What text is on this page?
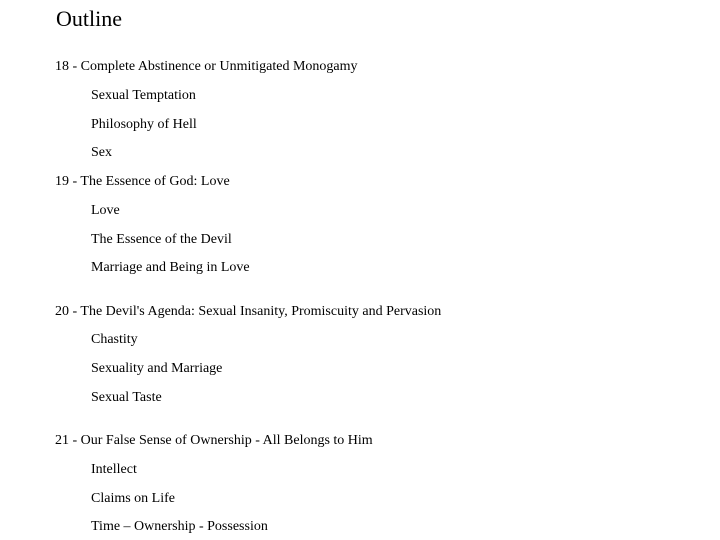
Outline
18 - Complete Abstinence or Unmitigated Monogamy
Sexual Temptation
Philosophy of Hell
Sex
19 - The Essence of God: Love
Love
The Essence of the Devil
Marriage and Being in Love
20 - The Devil's Agenda: Sexual Insanity, Promiscuity and Pervasion
Chastity
Sexuality and Marriage
Sexual Taste
21 - Our False Sense of Ownership - All Belongs to Him
Intellect
Claims on Life
Time – Ownership - Possession
